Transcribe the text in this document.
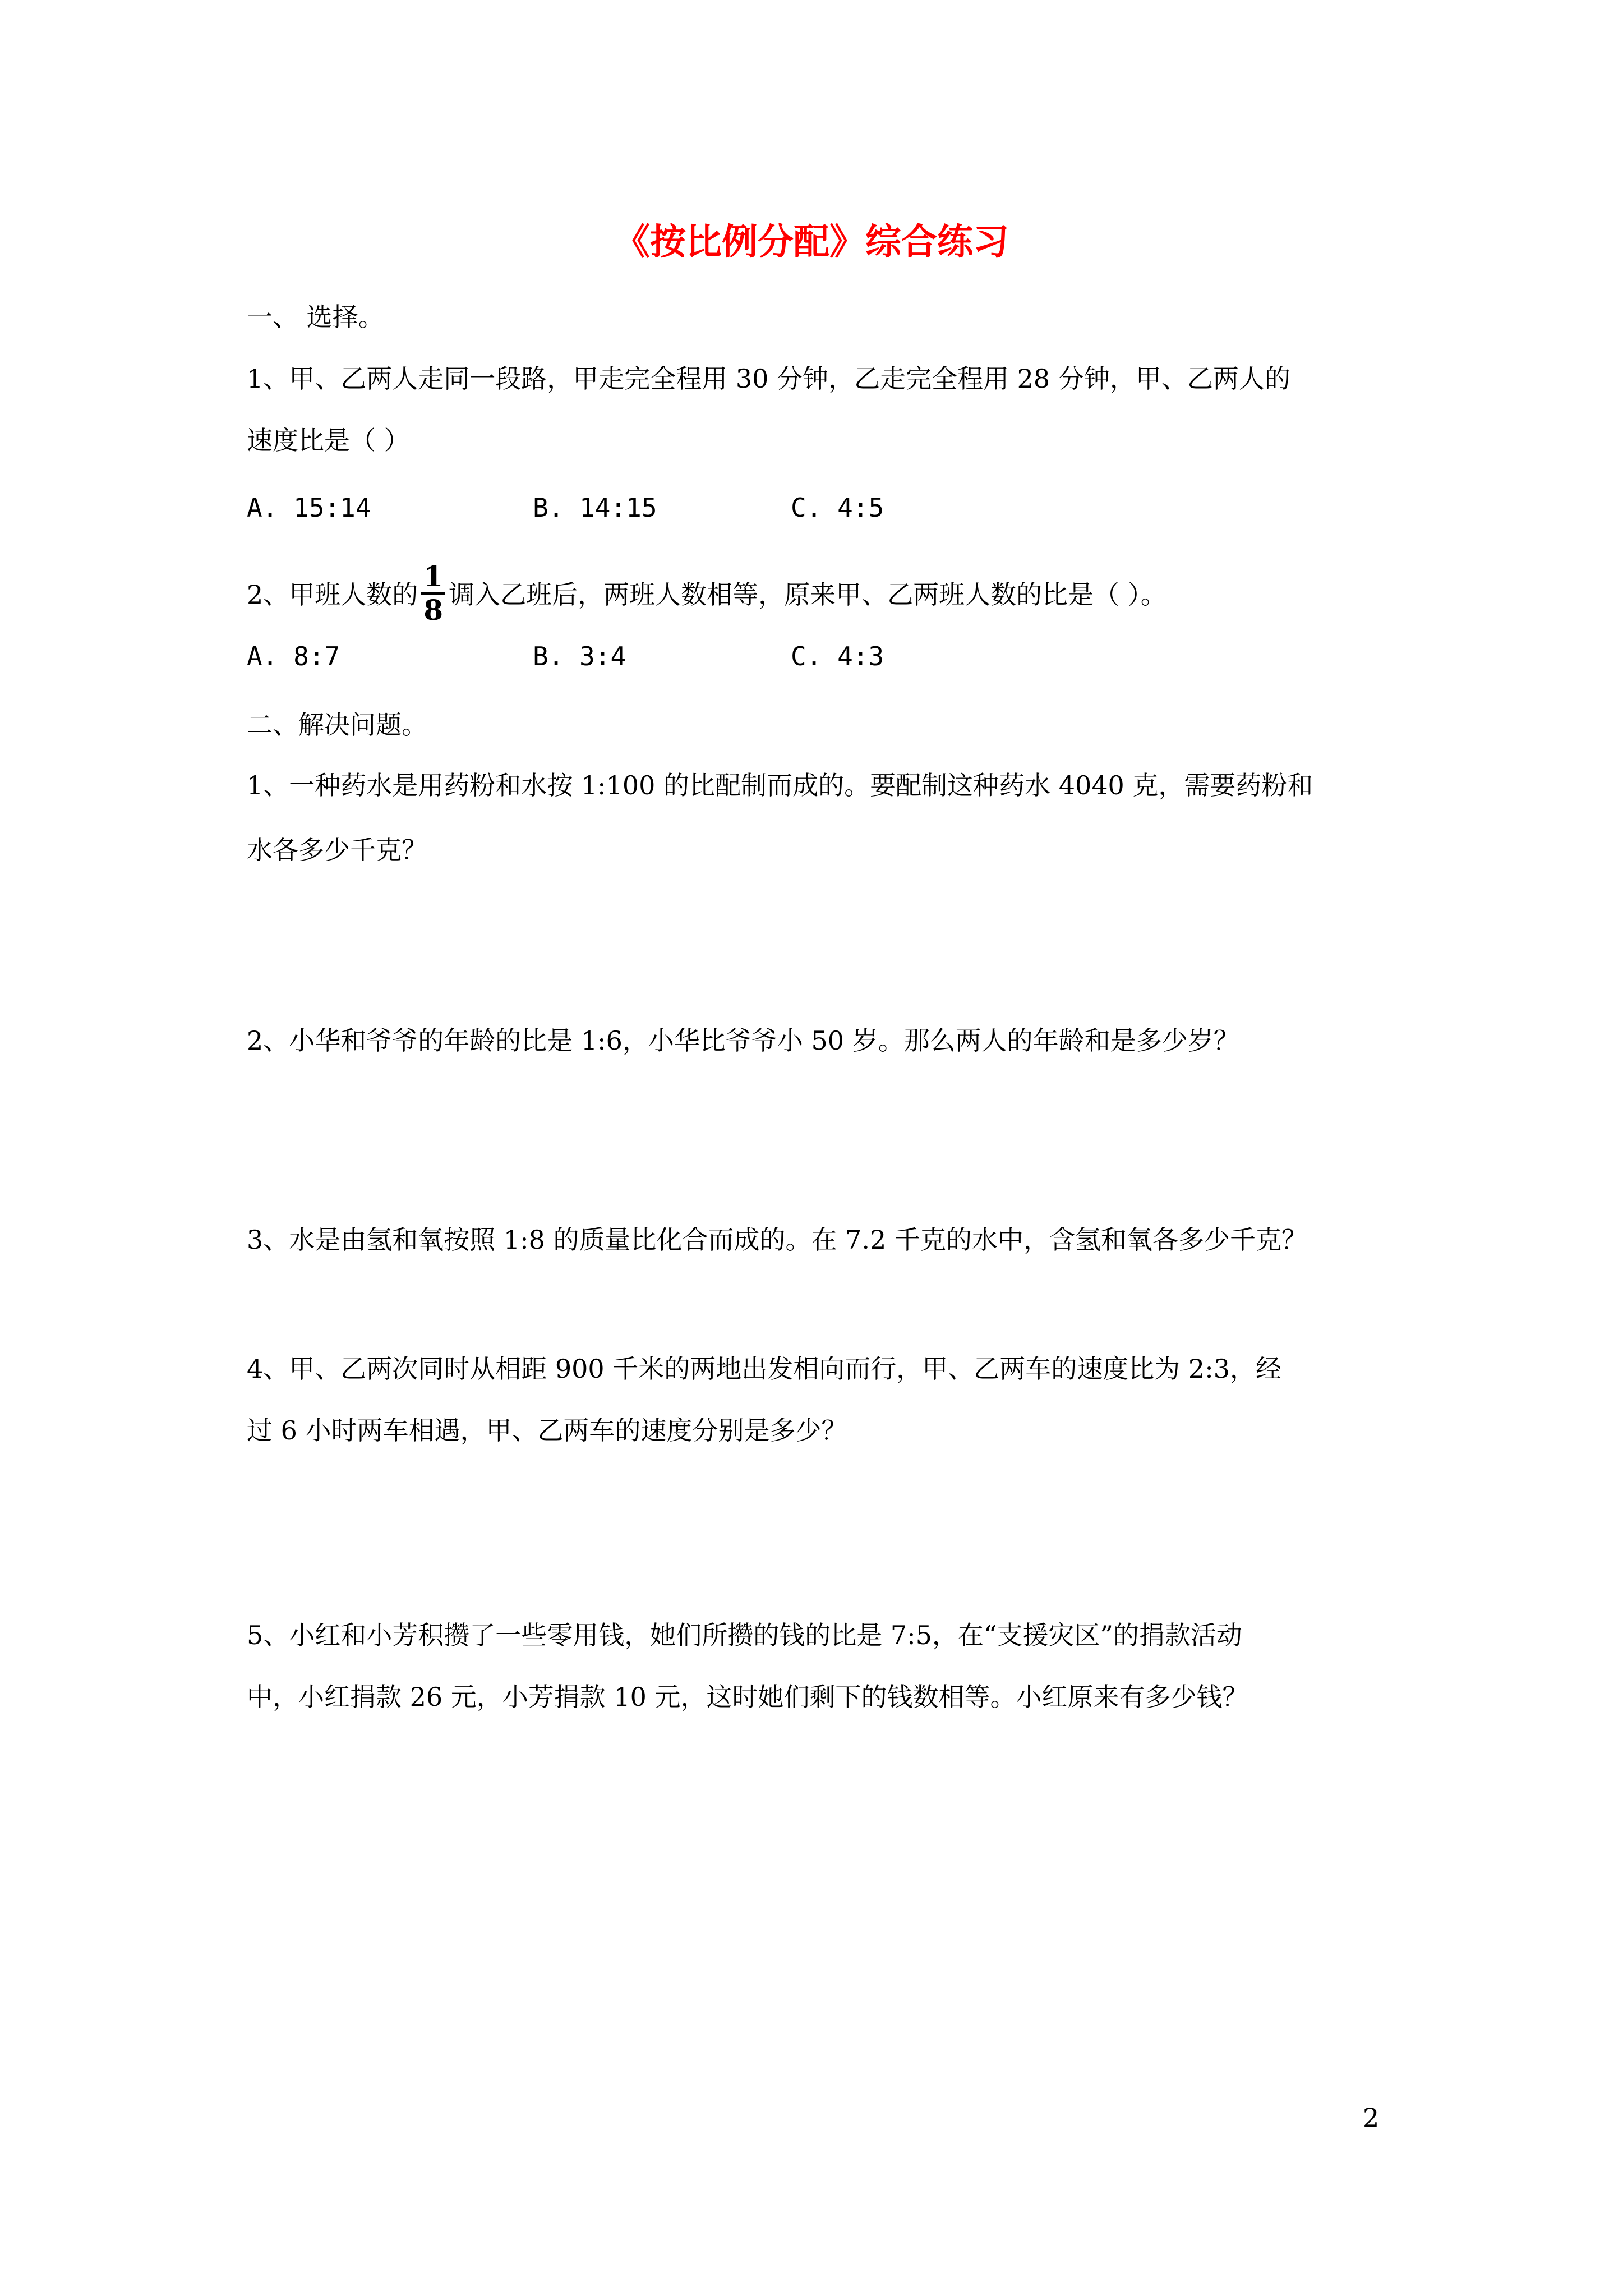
《按比例分配》综合练习
一、 选择。
1、甲、乙两人走同一段路，甲走完全程用 30 分钟，乙走完全程用 28 分钟，甲、乙两人的
速度比是（ ）
A. 15:14	B. 14:15	C. 4:5
2、甲班人数的 $\frac{1}{8}$ 调入乙班后，两班人数相等，原来甲、乙两班人数的比是（ ）。
A. 8:7	B. 3:4	C. 4:3
二、解决问题。
1、一种药水是用药粉和水按 1:100 的比配制而成的。要配制这种药水 4040 克，需要药粉和
水各多少千克？
2、小华和爷爷的年龄的比是 1:6，小华比爷爷小 50 岁。那么两人的年龄和是多少岁？
3、水是由氢和氧按照 1:8 的质量比化合而成的。在 7.2 千克的水中，含氢和氧各多少千克？
4、甲、乙两次同时从相距 900 千米的两地出发相向而行，甲、乙两车的速度比为 2:3，经
过 6 小时两车相遇，甲、乙两车的速度分别是多少？
5、小红和小芳积攒了一些零用钱，她们所攒的钱的比是 7:5，在“支援灾区”的捐款活动
中，小红捐款 26 元，小芳捐款 10 元，这时她们剩下的钱数相等。小红原来有多少钱？
2
